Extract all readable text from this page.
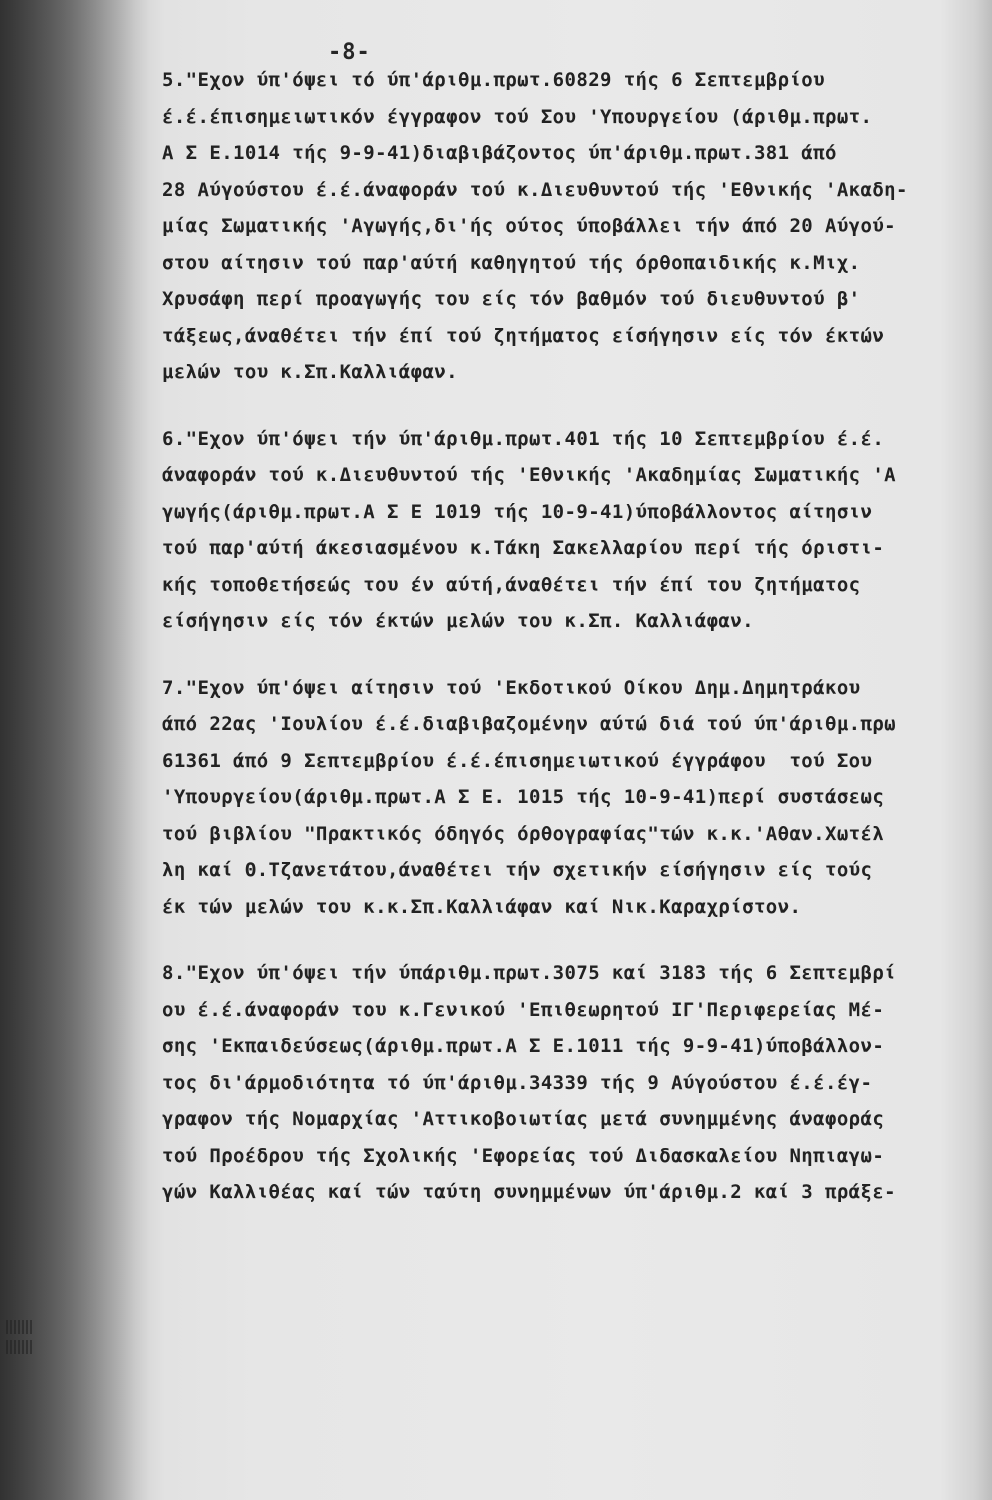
-8-
5."Εχον ύπ'όψει τό ύπ'άριθμ.πρωτ.60829 τής 6 Σεπτεμβρίου
έ.έ.έπισημειωτικόν έγγραφον τού Σου 'Υπουργείου (άριθμ.πρωτ.
Α Σ Ε.1014 τής 9-9-41)διαβιβάζοντος ύπ'άριθμ.πρωτ.381 άπό
28 Αύγούστου έ.έ.άναφοράν τού κ.Διευθυντού τής 'Εθνικής 'Ακαδη-
μίας Σωματικής 'Αγωγής,δι'ής ούτος ύποβάλλει τήν άπό 20 Αύγού-
στου αίτησιν τού παρ'αύτή καθηγητού τής όρθοπαιδικής κ.Μιχ.
Χρυσάφη περί προαγωγής του είς τόν βαθμόν τού διευθυντού β'
τάξεως,άναθέτει τήν έπί τού ζητήματος είσήγησιν είς τόν έκτών
μελών του κ.Σπ.Καλλιάφαν.
6."Εχον ύπ'όψει τήν ύπ'άριθμ.πρωτ.401 τής 10 Σεπτεμβρίου έ.έ.
άναφοράν τού κ.Διευθυντού τής 'Εθνικής 'Ακαδημίας Σωματικής 'Α
γωγής(άριθμ.πρωτ.Α Σ Ε 1019 τής 10-9-41)ύποβάλλοντος αίτησιν
τού παρ'αύτή άκεσιασμένου κ.Τάκη Σακελλαρίου περί τής όριστι-
κής τοποθετήσεώς του έν αύτή,άναθέτει τήν έπί του ζητήματος
είσήγησιν είς τόν έκτών μελών του κ.Σπ. Καλλιάφαν.
7."Εχον ύπ'όψει αίτησιν τού 'Εκδοτικού Οίκου Δημ.Δημητράκου
άπό 22ας 'Ιουλίου έ.έ.διαβιβαζομένην αύτώ διά τού ύπ'άριθμ.πρω
61361 άπό 9 Σεπτεμβρίου έ.έ.έπισημειωτικού έγγράφου  τού Σου
'Υπουργείου(άριθμ.πρωτ.Α Σ Ε. 1015 τής 10-9-41)περί συστάσεως
τού βιβλίου "Πρακτικός όδηγός όρθογραφίας"τών κ.κ.'Αθαν.Χωτέλ
λη καί Θ.Τζανετάτου,άναθέτει τήν σχετικήν είσήγησιν είς τούς
έκ τών μελών του κ.κ.Σπ.Καλλιάφαν καί Νικ.Καραχρίστον.
8."Εχον ύπ'όψει τήν ύπάριθμ.πρωτ.3075 καί 3183 τής 6 Σεπτεμβρί
ου έ.έ.άναφοράν του κ.Γενικού 'Επιθεωρητού ΙΓ'Περιφερείας Μέ-
σης 'Εκπαιδεύσεως(άριθμ.πρωτ.Α Σ Ε.1011 τής 9-9-41)ύποβάλλον-
τος δι'άρμοδιότητα τό ύπ'άριθμ.34339 τής 9 Αύγούστου έ.έ.έγ-
γραφον τής Νομαρχίας 'Αττικοβοιωτίας μετά συνημμένης άναφοράς
τού Προέδρου τής Σχολικής 'Εφορείας τού Διδασκαλείου Νηπιαγω-
γών Καλλιθέας καί τών ταύτη συνημμένων ύπ'άριθμ.2 καί 3 πράξε-
